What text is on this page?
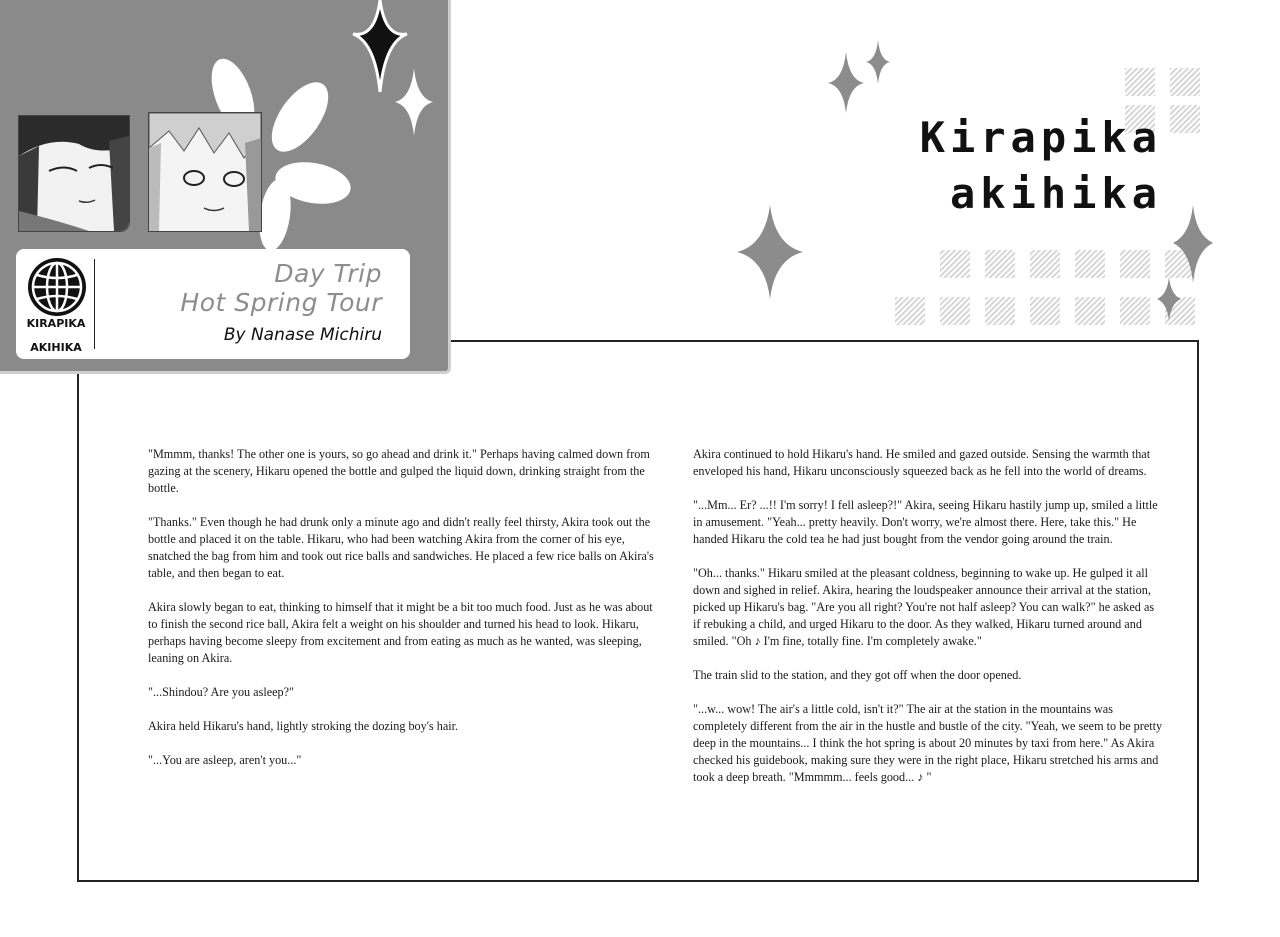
KIRAPIKA
AKIHIKA
Day Trip
Hot Spring Tour
By Nanase Michiru
Kirapika
akihika

"Mmmm, thanks! The other one is yours, so go ahead and drink it." Perhaps having calmed down from gazing at the scenery, Hikaru opened the bottle and gulped the liquid down, drinking straight from the bottle.

"Thanks." Even though he had drunk only a minute ago and didn't really feel thirsty, Akira took out the bottle and placed it on the table. Hikaru, who had been watching Akira from the corner of his eye, snatched the bag from him and took out rice balls and sandwiches. He placed a few rice balls on Akira's table, and then began to eat.

Akira slowly began to eat, thinking to himself that it might be a bit too much food. Just as he was about to finish the second rice ball, Akira felt a weight on his shoulder and turned his head to look. Hikaru, perhaps having become sleepy from excitement and from eating as much as he wanted, was sleeping, leaning on Akira.

"...Shindou? Are you asleep?"

Akira held Hikaru's hand, lightly stroking the dozing boy's hair.

"...You are asleep, aren't you..."

Akira continued to hold Hikaru's hand. He smiled and gazed outside. Sensing the warmth that enveloped his hand, Hikaru unconsciously squeezed back as he fell into the world of dreams.

"...Mm... Er? ...!! I'm sorry! I fell asleep?!" Akira, seeing Hikaru hastily jump up, smiled a little in amusement. "Yeah... pretty heavily. Don't worry, we're almost there. Here, take this." He handed Hikaru the cold tea he had just bought from the vendor going around the train.

"Oh... thanks." Hikaru smiled at the pleasant coldness, beginning to wake up. He gulped it all down and sighed in relief. Akira, hearing the loudspeaker announce their arrival at the station, picked up Hikaru's bag. "Are you all right? You're not half asleep? You can walk?" he asked as if rebuking a child, and urged Hikaru to the door. As they walked, Hikaru turned around and smiled. "Oh ♪ I'm fine, totally fine. I'm completely awake."

The train slid to the station, and they got off when the door opened.

"...w... wow! The air's a little cold, isn't it?" The air at the station in the mountains was completely different from the air in the hustle and bustle of the city. "Yeah, we seem to be pretty deep in the mountains... I think the hot spring is about 20 minutes by taxi from here." As Akira checked his guidebook, making sure they were in the right place, Hikaru stretched his arms and took a deep breath. "Mmmmm... feels good... ♪ "
